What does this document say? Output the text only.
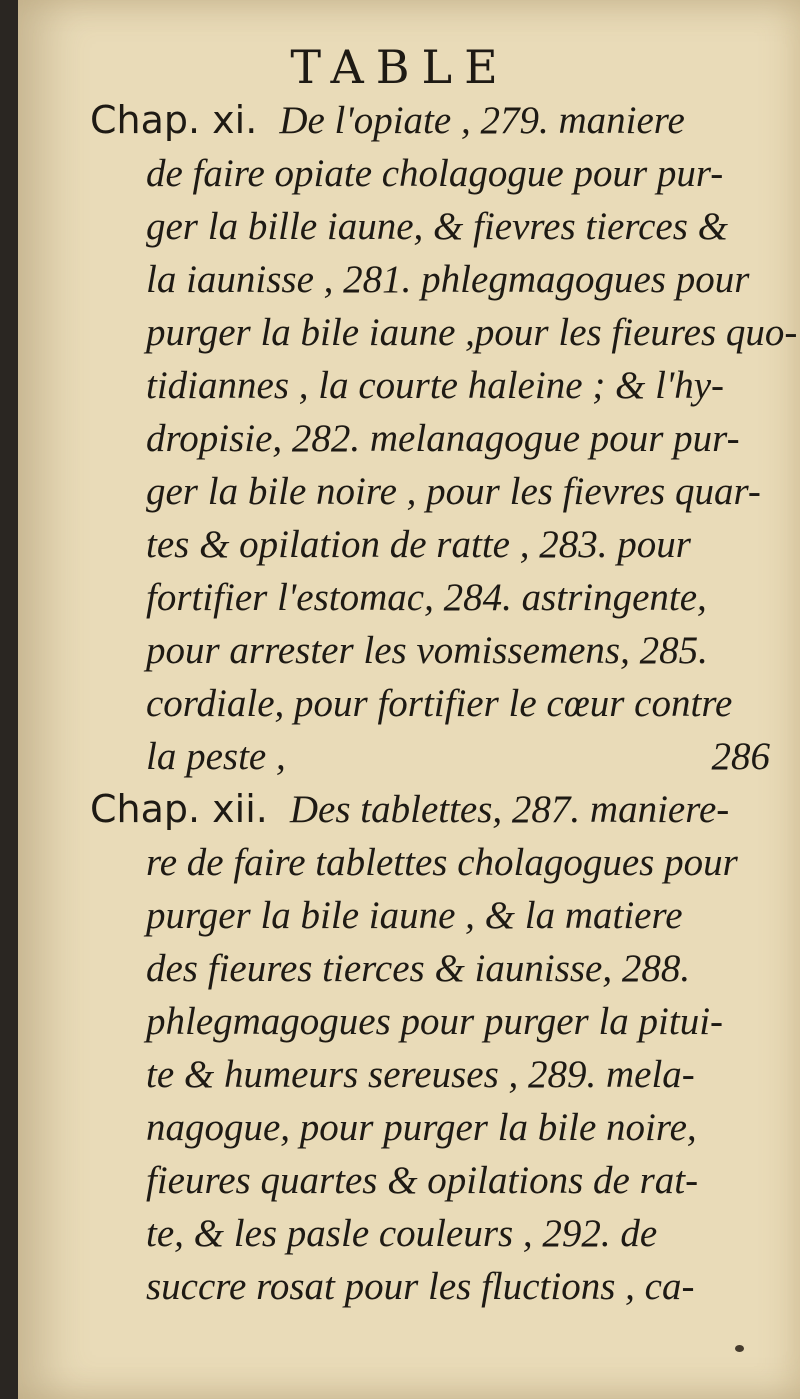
TABLE
Chap. xi. De l'opiate , 279. maniere
de faire opiate cholagogue pour pur-
ger la bille iaune, & fievres tierces &
la iaunisse , 281. phlegmagogues pour
purger la bile iaune ,pour les fieures quo-
tidiannes , la courte haleine ; & l'hy-
dropisie, 282. melanagogue pour pur-
ger la bile noire , pour les fievres quar-
tes & opilation de ratte , 283. pour
fortifier l'estomac, 284. astringente,
pour arrester les vomissemens, 285.
cordiale, pour fortifier le cœur contre
la peste ,	286
Chap. xii. Des tablettes, 287. maniere-
re de faire tablettes cholagogues pour
purger la bile iaune , & la matiere
des fieures tierces & iaunisse, 288.
phlegmagogues pour purger la pitui-
te & humeurs sereuses , 289. mela-
nagogue, pour purger la bile noire,
fieures quartes & opilations de rat-
te, & les pasle couleurs , 292. de
succre rosat pour les fluctions , ca-
